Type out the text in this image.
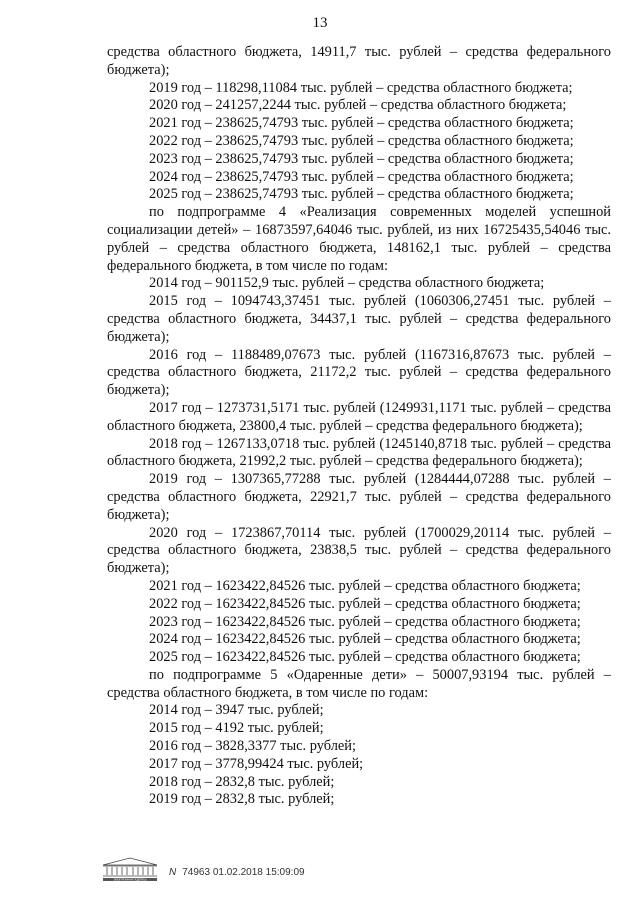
13

средства областного бюджета, 14911,7 тыс. рублей – средства федерального бюджета);

2019 год – 118298,11084 тыс. рублей – средства областного бюджета;

2020 год – 241257,2244 тыс. рублей – средства областного бюджета;

2021 год – 238625,74793 тыс. рублей – средства областного бюджета;

2022 год – 238625,74793 тыс. рублей – средства областного бюджета;

2023 год – 238625,74793 тыс. рублей – средства областного бюджета;

2024 год – 238625,74793 тыс. рублей – средства областного бюджета;

2025 год – 238625,74793 тыс. рублей – средства областного бюджета;

по подпрограмме 4 «Реализация современных моделей успешной социализации детей» – 16873597,64046 тыс. рублей, из них 16725435,54046 тыс. рублей – средства областного бюджета, 148162,1 тыс. рублей – средства федерального бюджета, в том числе по годам:

2014 год – 901152,9 тыс. рублей – средства областного бюджета;

2015 год – 1094743,37451 тыс. рублей (1060306,27451 тыс. рублей – средства областного бюджета, 34437,1 тыс. рублей – средства федерального бюджета);

2016 год – 1188489,07673 тыс. рублей (1167316,87673 тыс. рублей – средства областного бюджета, 21172,2 тыс. рублей – средства федерального бюджета);

2017 год – 1273731,5171 тыс. рублей (1249931,1171 тыс. рублей – средства областного бюджета, 23800,4 тыс. рублей – средства федерального бюджета);

2018 год – 1267133,0718 тыс. рублей (1245140,8718 тыс. рублей – средства областного бюджета, 21992,2 тыс. рублей – средства федерального бюджета);

2019 год – 1307365,77288 тыс. рублей (1284444,07288 тыс. рублей – средства областного бюджета, 22921,7 тыс. рублей – средства федерального бюджета);

2020 год – 1723867,70114 тыс. рублей (1700029,20114 тыс. рублей – средства областного бюджета, 23838,5 тыс. рублей – средства федерального бюджета);

2021 год – 1623422,84526 тыс. рублей – средства областного бюджета;

2022 год – 1623422,84526 тыс. рублей – средства областного бюджета;

2023 год – 1623422,84526 тыс. рублей – средства областного бюджета;

2024 год – 1623422,84526 тыс. рублей – средства областного бюджета;

2025 год – 1623422,84526 тыс. рублей – средства областного бюджета;

по подпрограмме 5 «Одаренные дети» – 50007,93194 тыс. рублей – средства областного бюджета, в том числе по годам:

2014 год – 3947 тыс. рублей;

2015 год – 4192 тыс. рублей;

2016 год – 3828,3377 тыс. рублей;

2017 год – 3778,99424 тыс. рублей;

2018 год – 2832,8 тыс. рублей;

2019 год – 2832,8 тыс. рублей;

ЭЛЕКТРОННАЯ ПОДПИСЬ
N 74963 01.02.2018 15:09:09
